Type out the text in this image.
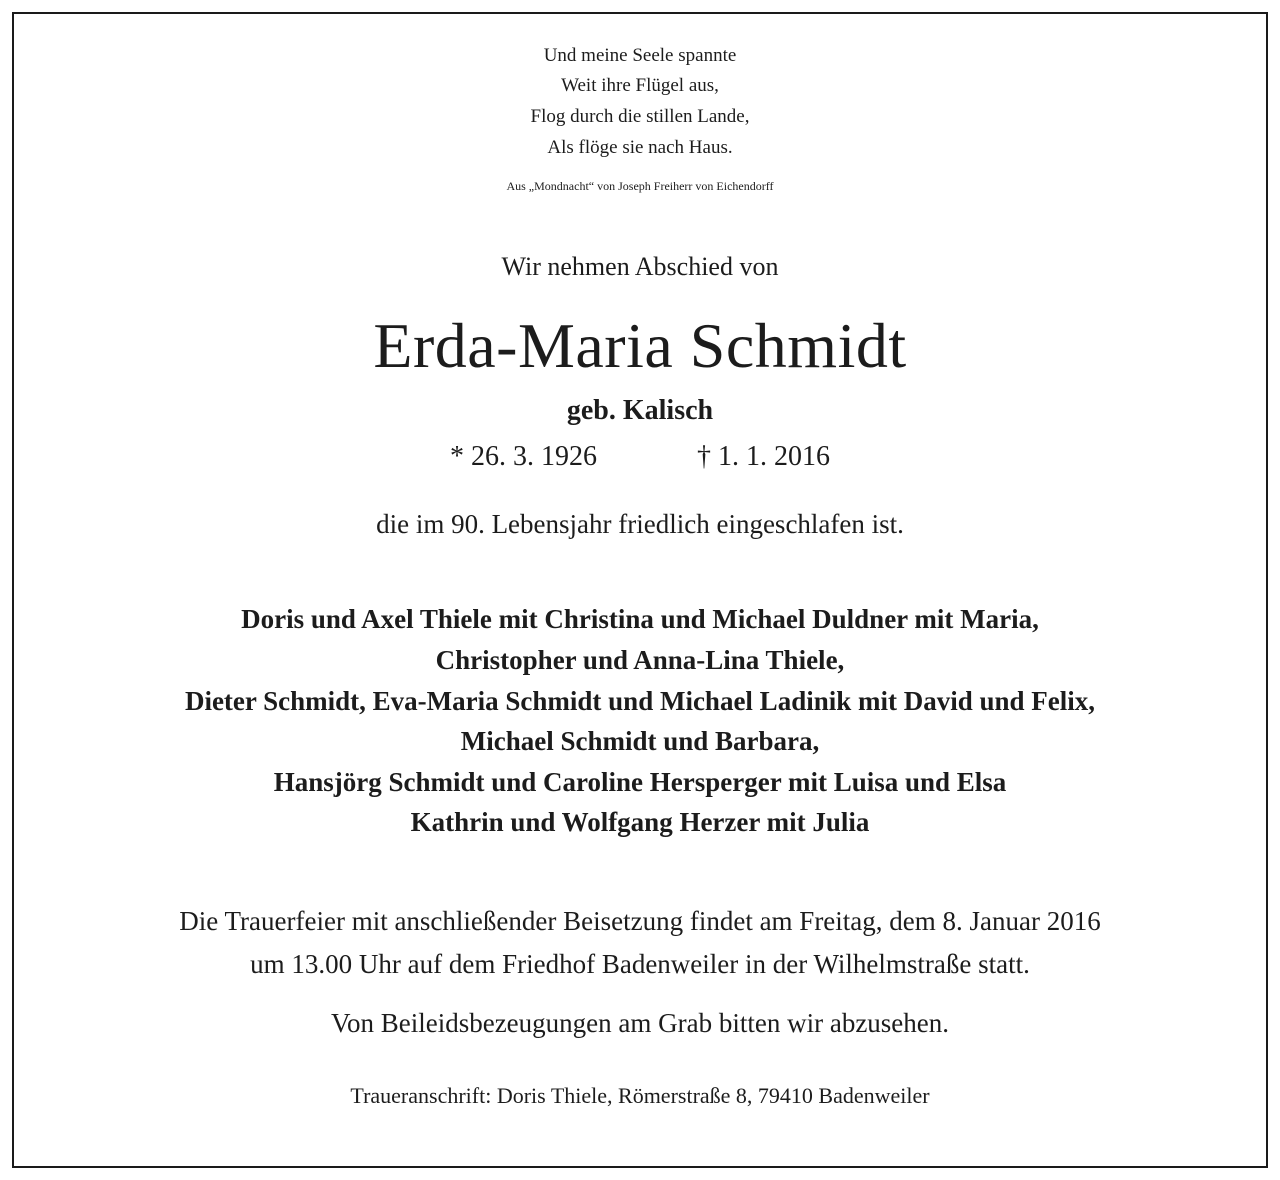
Und meine Seele spannte
Weit ihre Flügel aus,
Flog durch die stillen Lande,
Als flöge sie nach Haus.
Aus „Mondnacht“ von Joseph Freiherr von Eichendorff
Wir nehmen Abschied von
Erda-Maria Schmidt
geb. Kalisch
* 26. 3. 1926	† 1. 1. 2016
die im 90. Lebensjahr friedlich eingeschlafen ist.
Doris und Axel Thiele mit Christina und Michael Duldner mit Maria,
Christopher und Anna-Lina Thiele,
Dieter Schmidt, Eva-Maria Schmidt und Michael Ladinik mit David und Felix,
Michael Schmidt und Barbara,
Hansjörg Schmidt und Caroline Hersperger mit Luisa und Elsa
Kathrin und Wolfgang Herzer mit Julia
Die Trauerfeier mit anschließender Beisetzung findet am Freitag, dem 8. Januar 2016
um 13.00 Uhr auf dem Friedhof Badenweiler in der Wilhelmstraße statt.
Von Beileidsbezeugungen am Grab bitten wir abzusehen.
Traueranschrift: Doris Thiele, Römerstraße 8, 79410 Badenweiler
